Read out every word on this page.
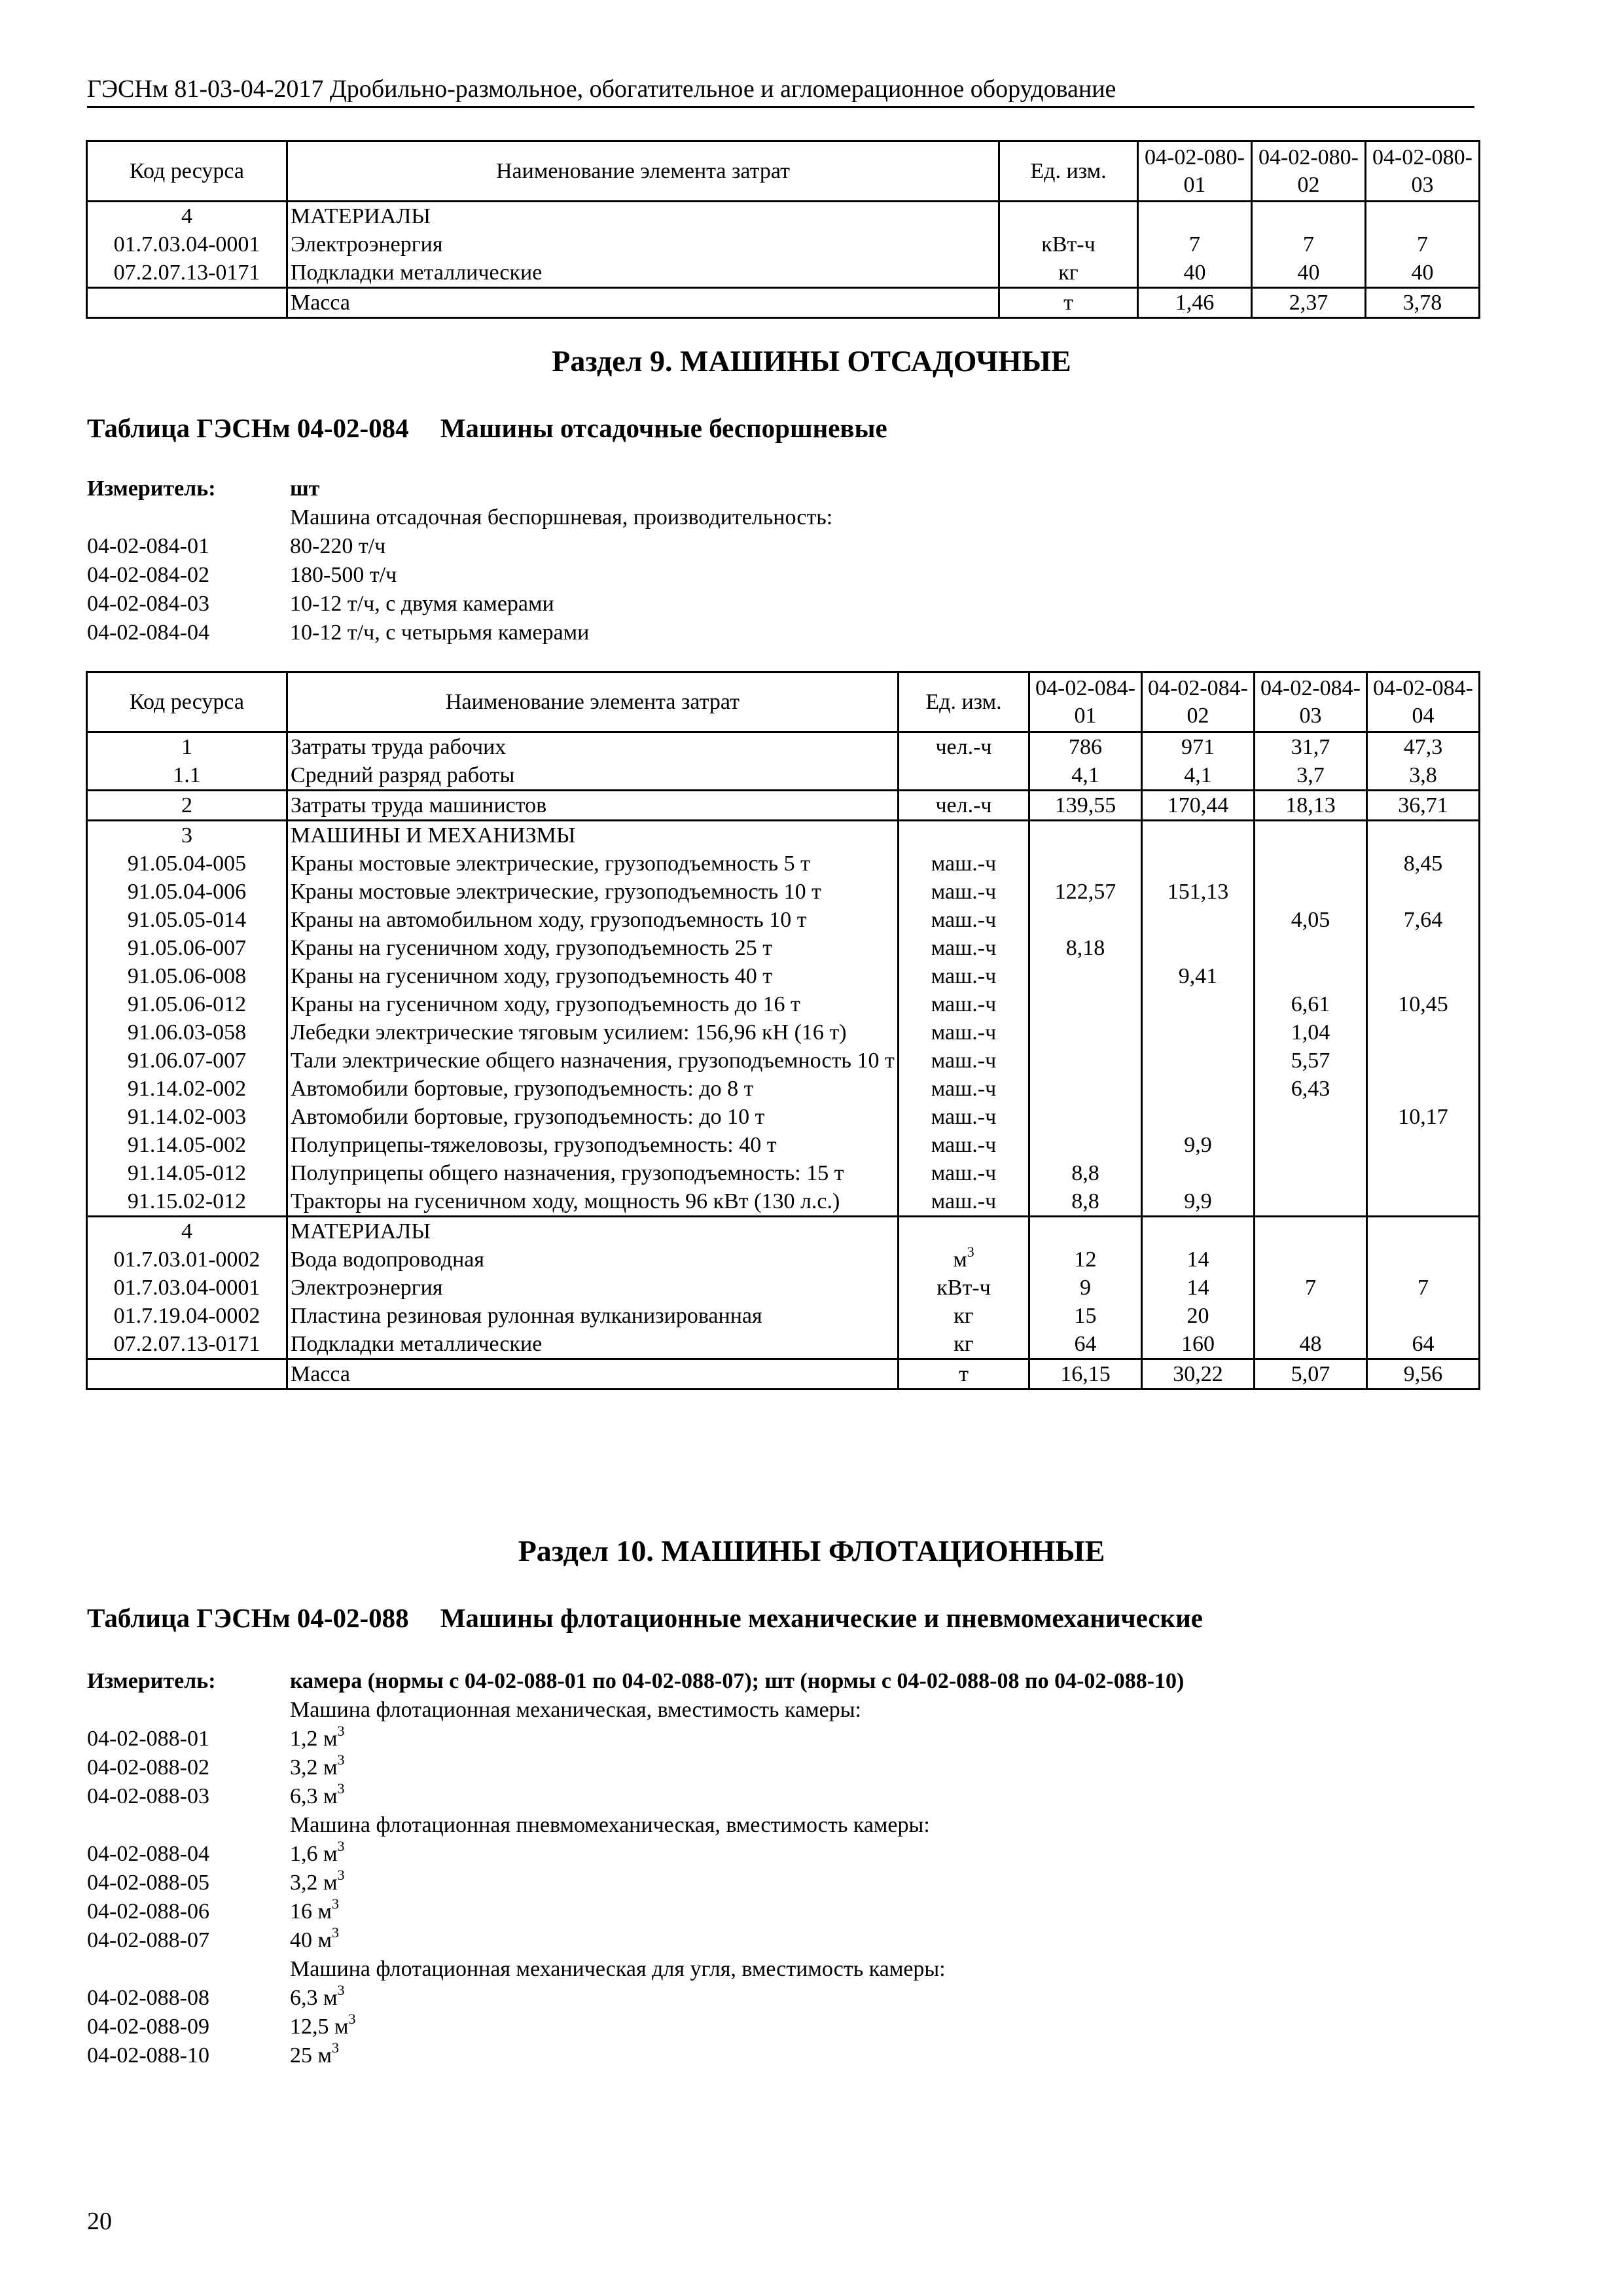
ГЭСНм 81-03-04-2017 Дробильно-размольное, обогатительное и агломерационное оборудование
Код ресурса	Наименование элемента затрат	Ед. изм.	04-02-080-01	04-02-080-02	04-02-080-03
4	МАТЕРИАЛЫ				
01.7.03.04-0001	Электроэнергия	кВт-ч	7	7	7
07.2.07.13-0171	Подкладки металлические	кг	40	40	40
	Масса	т	1,46	2,37	3,78
Раздел 9. МАШИНЫ ОТСАДОЧНЫЕ
Таблица ГЭСНм 04-02-084 Машины отсадочные беспоршневые
Измеритель:	шт
Машина отсадочная беспоршневая, производительность:
04-02-084-01	80-220 т/ч
04-02-084-02	180-500 т/ч
04-02-084-03	10-12 т/ч, с двумя камерами
04-02-084-04	10-12 т/ч, с четырьмя камерами
Код ресурса	Наименование элемента затрат	Ед. изм.	04-02-084-01	04-02-084-02	04-02-084-03	04-02-084-04
1	Затраты труда рабочих	чел.-ч	786	971	31,7	47,3
1.1	Средний разряд работы		4,1	4,1	3,7	3,8
2	Затраты труда машинистов	чел.-ч	139,55	170,44	18,13	36,71
3	МАШИНЫ И МЕХАНИЗМЫ					
91.05.04-005	Краны мостовые электрические, грузоподъемность 5 т	маш.-ч				8,45
91.05.04-006	Краны мостовые электрические, грузоподъемность 10 т	маш.-ч	122,57	151,13		
91.05.05-014	Краны на автомобильном ходу, грузоподъемность 10 т	маш.-ч			4,05	7,64
91.05.06-007	Краны на гусеничном ходу, грузоподъемность 25 т	маш.-ч	8,18			
91.05.06-008	Краны на гусеничном ходу, грузоподъемность 40 т	маш.-ч		9,41		
91.05.06-012	Краны на гусеничном ходу, грузоподъемность до 16 т	маш.-ч			6,61	10,45
91.06.03-058	Лебедки электрические тяговым усилием: 156,96 кН (16 т)	маш.-ч			1,04	
91.06.07-007	Тали электрические общего назначения, грузоподъемность 10 т	маш.-ч			5,57	
91.14.02-002	Автомобили бортовые, грузоподъемность: до 8 т	маш.-ч			6,43	
91.14.02-003	Автомобили бортовые, грузоподъемность: до 10 т	маш.-ч				10,17
91.14.05-002	Полуприцепы-тяжеловозы, грузоподъемность: 40 т	маш.-ч		9,9		
91.14.05-012	Полуприцепы общего назначения, грузоподъемность: 15 т	маш.-ч	8,8			
91.15.02-012	Тракторы на гусеничном ходу, мощность 96 кВт (130 л.с.)	маш.-ч	8,8	9,9		
4	МАТЕРИАЛЫ					
01.7.03.01-0002	Вода водопроводная	$м^3$	12	14		
01.7.03.04-0001	Электроэнергия	кВт-ч	9	14	7	7
01.7.19.04-0002	Пластина резиновая рулонная вулканизированная	кг	15	20		
07.2.07.13-0171	Подкладки металлические	кг	64	160	48	64
	Масса	т	16,15	30,22	5,07	9,56
Раздел 10. МАШИНЫ ФЛОТАЦИОННЫЕ
Таблица ГЭСНм 04-02-088 Машины флотационные механические и пневмомеханические
Измеритель:	камера (нормы с 04-02-088-01 по 04-02-088-07); шт (нормы с 04-02-088-08 по 04-02-088-10)
Машина флотационная механическая, вместимость камеры:
04-02-088-01	1,2 $м^3$
04-02-088-02	3,2 $м^3$
04-02-088-03	6,3 $м^3$
Машина флотационная пневмомеханическая, вместимость камеры:
04-02-088-04	1,6 $м^3$
04-02-088-05	3,2 $м^3$
04-02-088-06	16 $м^3$
04-02-088-07	40 $м^3$
Машина флотационная механическая для угля, вместимость камеры:
04-02-088-08	6,3 $м^3$
04-02-088-09	12,5 $м^3$
04-02-088-10	25 $м^3$
20
